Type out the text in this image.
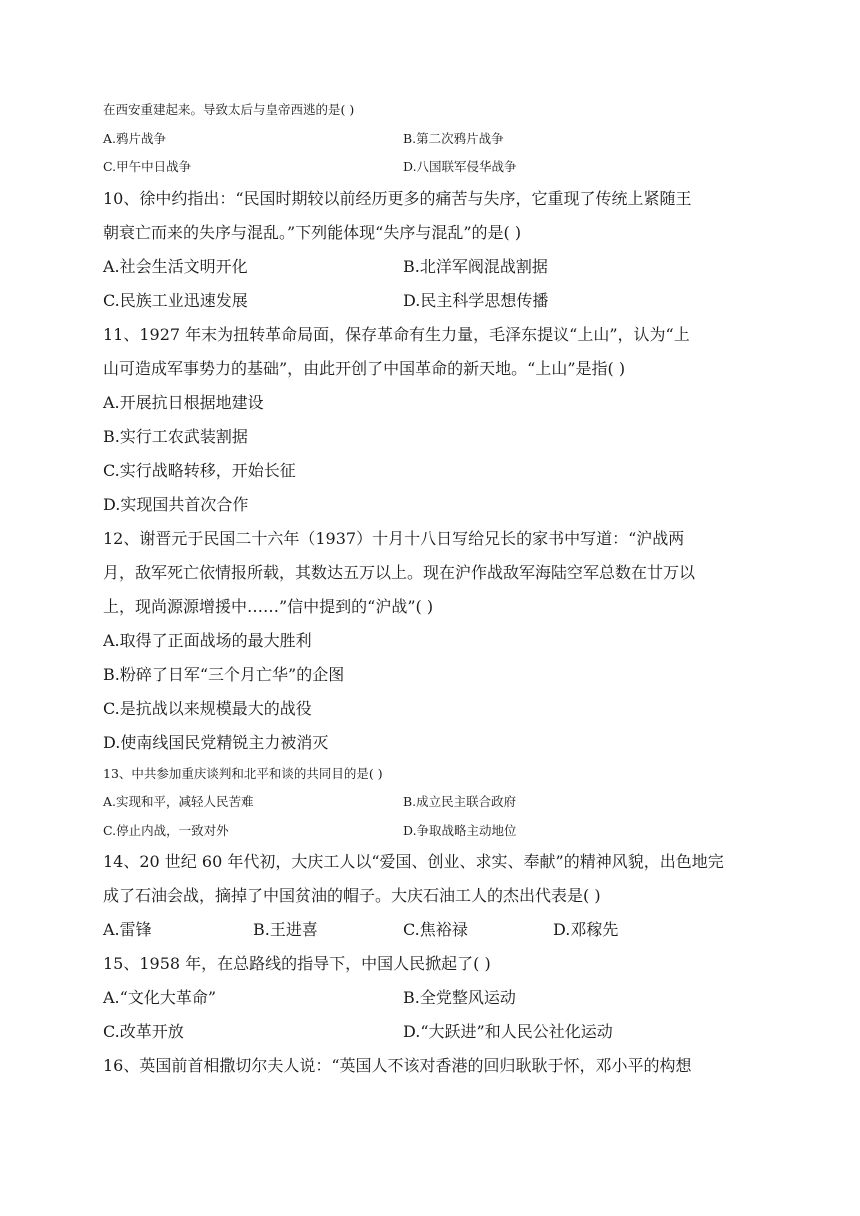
在西安重建起来。导致太后与皇帝西逃的是( )
A.鸦片战争	B.第二次鸦片战争
C.甲午中日战争	D.八国联军侵华战争
10、徐中约指出：“民国时期较以前经历更多的痛苦与失序，它重现了传统上紧随王
朝衰亡而来的失序与混乱。”下列能体现“失序与混乱”的是( )
A.社会生活文明开化	B.北洋军阀混战割据
C.民族工业迅速发展	D.民主科学思想传播
11、1927 年末为扭转革命局面，保存革命有生力量，毛泽东提议“上山”，认为“上
山可造成军事势力的基础”，由此开创了中国革命的新天地。“上山”是指( )
A.开展抗日根据地建设
B.实行工农武装割据
C.实行战略转移，开始长征
D.实现国共首次合作
12、谢晋元于民国二十六年（1937）十月十八日写给兄长的家书中写道：“沪战两
月，敌军死亡依情报所载，其数达五万以上。现在沪作战敌军海陆空军总数在廿万以
上，现尚源源增援中……”信中提到的“沪战”( )
A.取得了正面战场的最大胜利
B.粉碎了日军“三个月亡华”的企图
C.是抗战以来规模最大的战役
D.使南线国民党精锐主力被消灭
13、中共参加重庆谈判和北平和谈的共同目的是( )
A.实现和平，减轻人民苦难	B.成立民主联合政府
C.停止内战，一致对外	D.争取战略主动地位
14、20 世纪 60 年代初，大庆工人以“爱国、创业、求实、奉献”的精神风貌，出色地完
成了石油会战，摘掉了中国贫油的帽子。大庆石油工人的杰出代表是( )
A.雷锋	B.王进喜	C.焦裕禄	D.邓稼先
15、1958 年，在总路线的指导下，中国人民掀起了( )
A.“文化大革命”	B.全党整风运动
C.改革开放	D.“大跃进”和人民公社化运动
16、英国前首相撒切尔夫人说：“英国人不该对香港的回归耿耿于怀，邓小平的构想
